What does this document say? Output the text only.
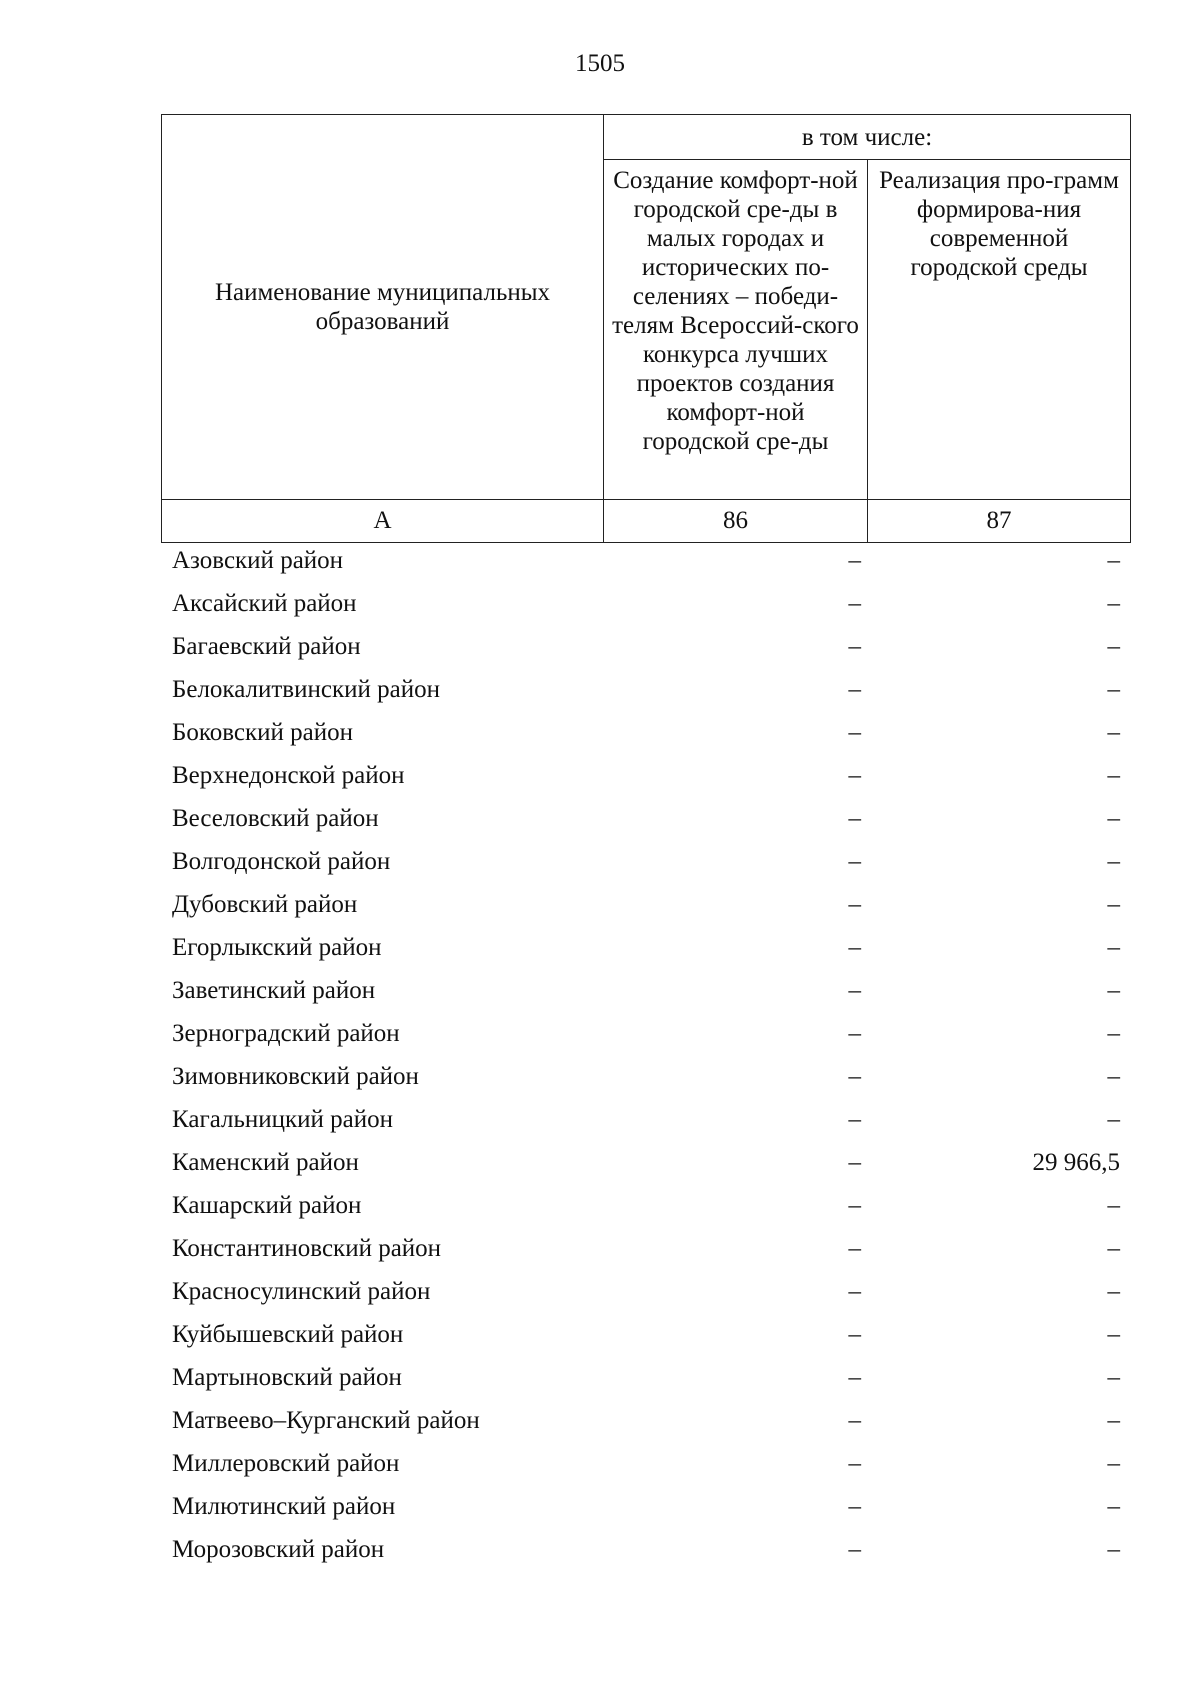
1505
Наименование муниципальных образований	в том числе:	

	Создание комфорт-ной городской сре-ды в малых городах и исторических по-селениях – победи-телям Всероссий-ского конкурса лучших проектов создания комфорт-ной городской сре-ды	Реализация про-грамм формирова-ния современной городской среды

А	86	87
Азовский район	–	–
Аксайский район	–	–
Багаевский район	–	–
Белокалитвинский район	–	–
Боковский район	–	–
Верхнедонской район	–	–
Веселовский район	–	–
Волгодонской район	–	–
Дубовский район	–	–
Егорлыкский район	–	–
Заветинский район	–	–
Зерноградский район	–	–
Зимовниковский район	–	–
Кагальницкий район	–	–
Каменский район	–	29 966,5
Кашарский район	–	–
Константиновский район	–	–
Красносулинский район	–	–
Куйбышевский район	–	–
Мартыновский район	–	–
Матвеево–Курганский район	–	–
Миллеровский район	–	–
Милютинский район	–	–
Морозовский район	–	–
